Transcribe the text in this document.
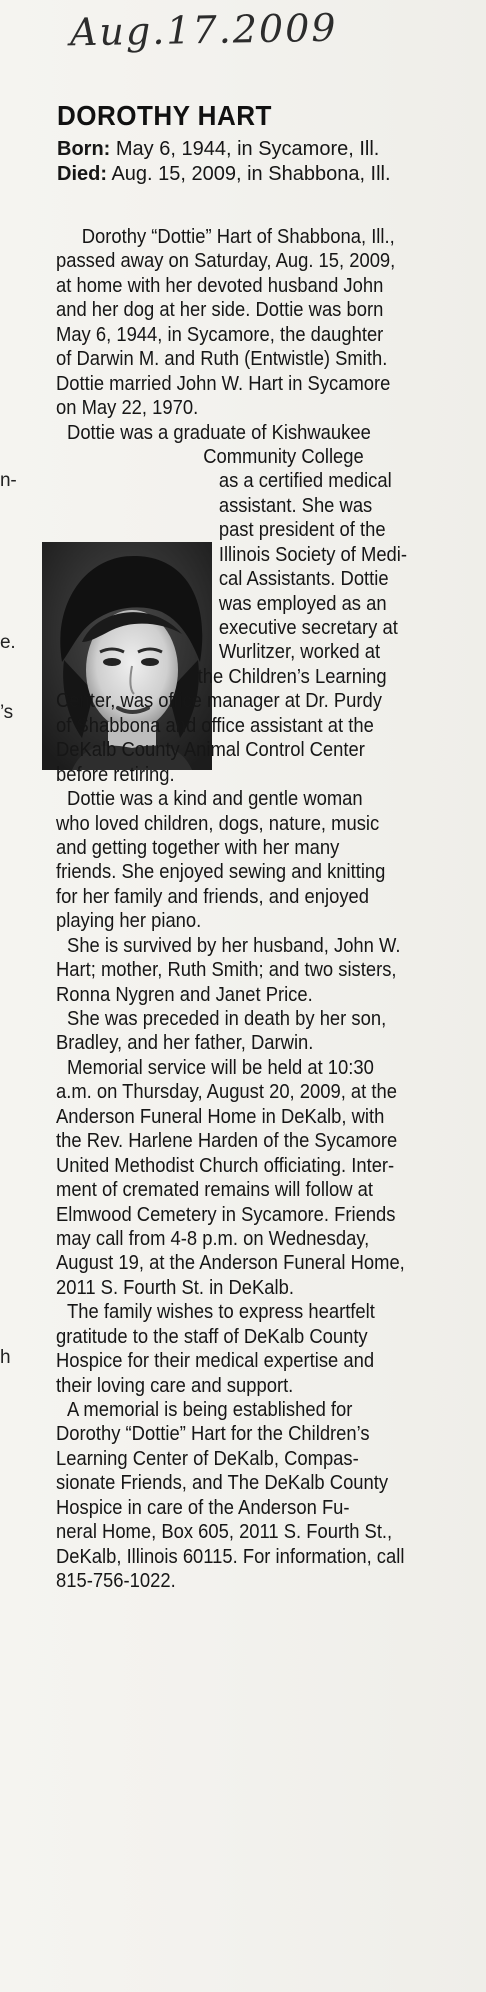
n-
e.
’s
h
Aug.17.2009
DOROTHY HART
Born: May 6, 1944, in Sycamore, Ill.
Died: Aug. 15, 2009, in Shabbona, Ill.
Dorothy “Dottie” Hart of Shabbona, Ill.,
passed away on Saturday, Aug. 15, 2009,
at home with her devoted husband John
and her dog at her side. Dottie was born
May 6, 1944, in Sycamore, the daughter
of Darwin M. and Ruth (Entwistle) Smith.
Dottie married John W. Hart in Sycamore
on May 22, 1970.
Dottie was a graduate of Kishwaukee
Community College
as a certified medical
assistant. She was
past president of the
Illinois Society of Medi-
cal Assistants. Dottie
was employed as an
executive secretary at
Wurlitzer, worked at
the Children’s Learning
Center, was office manager at Dr. Purdy
of Shabbona and office assistant at the
DeKalb County Animal Control Center
before retiring.
Dottie was a kind and gentle woman
who loved children, dogs, nature, music
and getting together with her many
friends. She enjoyed sewing and knitting
for her family and friends, and enjoyed
playing her piano.
She is survived by her husband, John W.
Hart; mother, Ruth Smith; and two sisters,
Ronna Nygren and Janet Price.
She was preceded in death by her son,
Bradley, and her father, Darwin.
Memorial service will be held at 10:30
a.m. on Thursday, August 20, 2009, at the
Anderson Funeral Home in DeKalb, with
the Rev. Harlene Harden of the Sycamore
United Methodist Church officiating. Inter-
ment of cremated remains will follow at
Elmwood Cemetery in Sycamore. Friends
may call from 4-8 p.m. on Wednesday,
August 19, at the Anderson Funeral Home,
2011 S. Fourth St. in DeKalb.
The family wishes to express heartfelt
gratitude to the staff of DeKalb County
Hospice for their medical expertise and
their loving care and support.
A memorial is being established for
Dorothy “Dottie” Hart for the Children’s
Learning Center of DeKalb, Compas-
sionate Friends, and The DeKalb County
Hospice in care of the Anderson Fu-
neral Home, Box 605, 2011 S. Fourth St.,
DeKalb, Illinois 60115. For information, call
815-756-1022.
